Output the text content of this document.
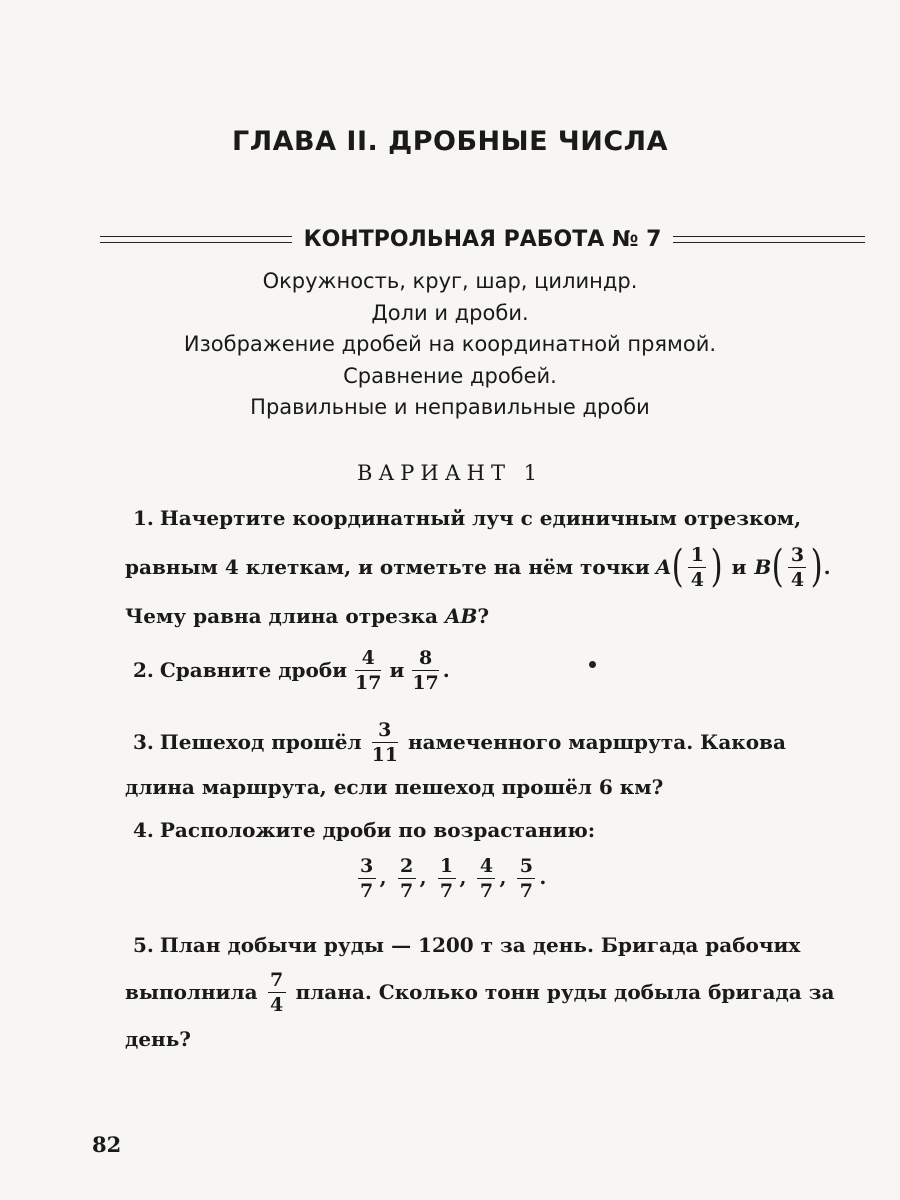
ГЛАВА II. ДРОБНЫЕ ЧИСЛА
КОНТРОЛЬНАЯ РАБОТА № 7
Окружность, круг, шар, цилиндр.
Доли и дроби.
Изображение дробей на координатной прямой.
Сравнение дробей.
Правильные и неправильные дроби
ВАРИАНТ 1
1. Начертите координатный луч с единичным отрезком,
равным 4 клеткам, и отметьте на нём точки A ( $\frac{1}{4}$ ) и B ( $\frac{3}{4}$ ) .
Чему равна длина отрезка AB?
2. Сравните дроби $\frac{4}{17}$ и $\frac{8}{17}$ .
3. Пешеход прошёл $\frac{3}{11}$ намеченного маршрута. Какова
длина маршрута, если пешеход прошёл 6 км?
4. Расположите дроби по возрастанию:
$\frac{3}{7}$ , $\frac{2}{7}$ , $\frac{1}{7}$ , $\frac{4}{7}$ , $\frac{5}{7}$ .
5. План добычи руды — 1200 т за день. Бригада рабочих
выполнила $\frac{7}{4}$ плана. Сколько тонн руды добыла бригада за
день?
82
